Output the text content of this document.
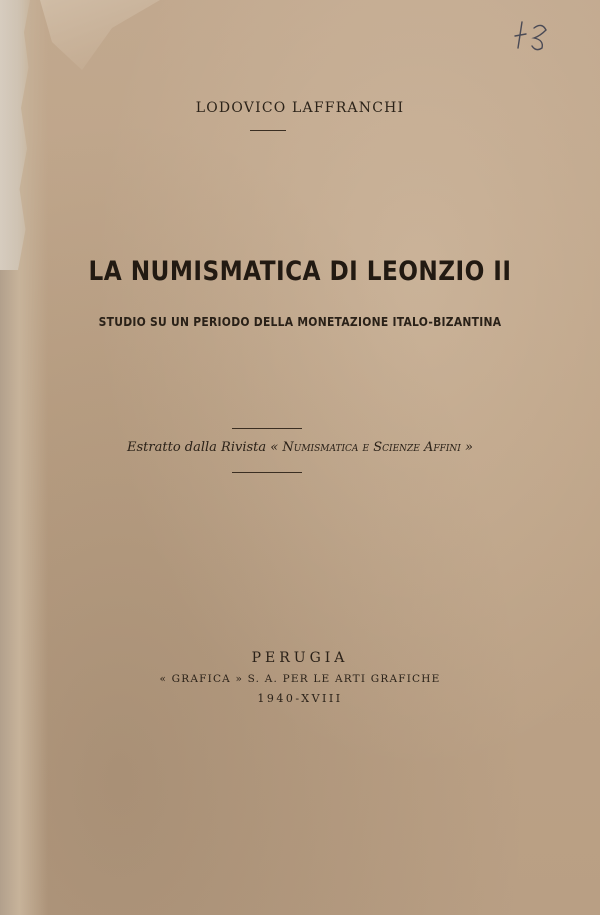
LODOVICO LAFFRANCHI
LA NUMISMATICA DI LEONZIO II
STUDIO SU UN PERIODO DELLA MONETAZIONE ITALO-BIZANTINA
Estratto dalla Rivista « Numismatica e Scienze Affini »
PERUGIA
« GRAFICA » S. A. PER LE ARTI GRAFICHE
1940-XVIII
